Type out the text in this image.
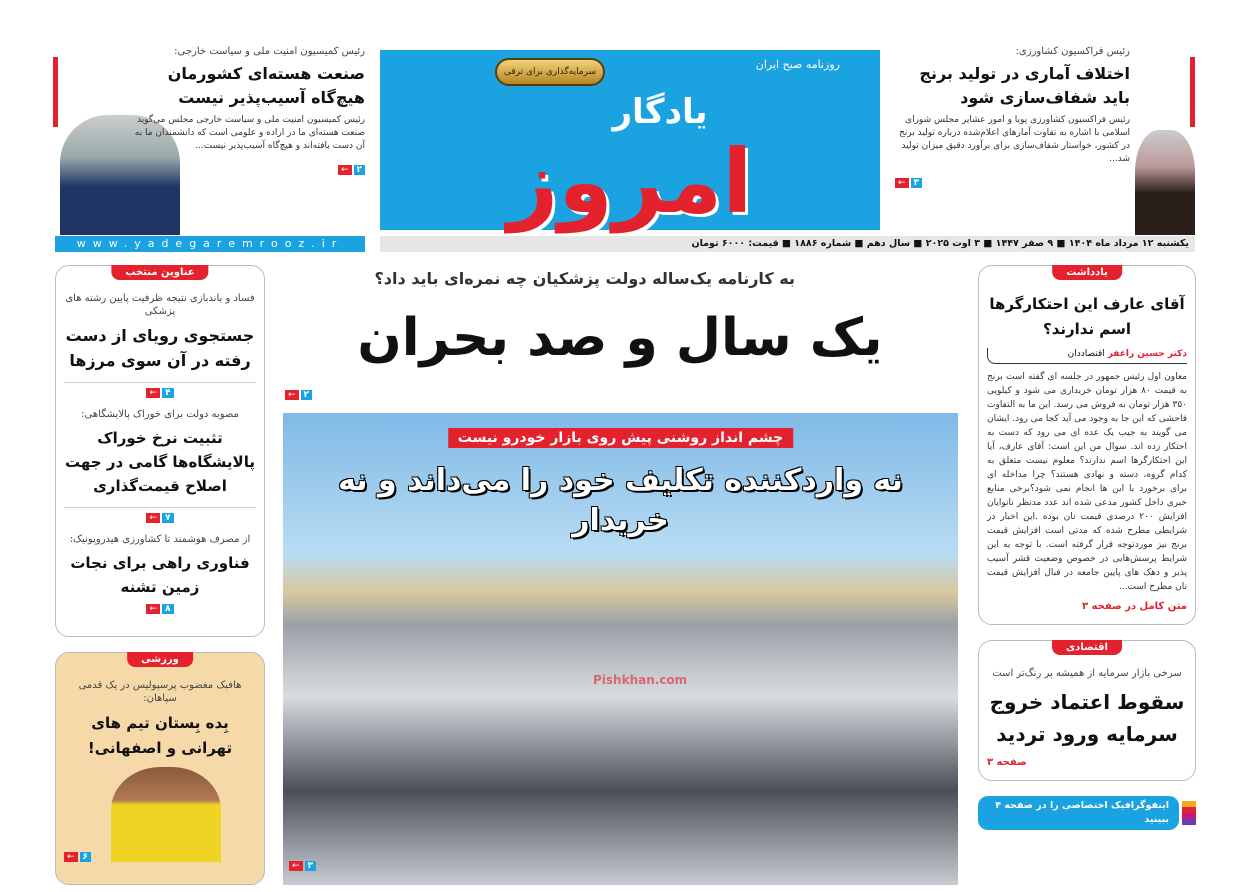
رئیس کمیسیون امنیت ملی و سیاست خارجی:
صنعت هسته‌ای کشورمان هیچ‌گاه آسیب‌پذیر نیست
رئیس کمیسیون امنیت ملی و سیاست خارجی مجلس می‌گوید صنعت هسته‌ای ما در اراده و علومی است که دانشمندان ما به آن دست یافته‌اند و هیچ‌گاه آسیب‌پذیر نیست...
← ۲
www.yadegaremrooz.ir
روزنامه صبح ایران
سرمایه‌گذاری برای ترقی
یادگار
امروز
یکشنبه ۱۲ مرداد ماه ۱۴۰۴ ■ ۹ صفر ۱۴۴۷ ■ ۳ اوت ۲۰۲۵ ■ سال دهم ■ شماره ۱۸۸۶ ■ قیمت: ۶۰۰۰ تومان
رئیس فراکسیون کشاورزی:
اختلاف آماری در تولید برنج باید شفاف‌سازی شود
رئیس فراکسیون کشاورزی پویا و امور عشایر مجلس شورای اسلامی با اشاره به تفاوت آمارهای اعلام‌شده درباره تولید برنج در کشور، خواستار شفاف‌سازی برای برآورد دقیق میزان تولید شد...
← ۳
عناوین منتخب
فساد و باندبازی نتیجه ظرفیت پایین رشته های پزشکی
جستجوی رویای از دست رفته در آن سوی مرزها
← ۴
مصوبه دولت برای خوراک پالایشگاهی:
تثبیت نرخ خوراک پالایشگاه‌ها گامی در جهت اصلاح قیمت‌گذاری
← ۷
از مصرف هوشمند تا کشاورزی هیدروپونیک:
فناوری راهی برای نجات زمین تشنه
← ۸
ورزشی
هافبک مغضوب پرسپولیس در یک قدمی سپاهان:
بِده بِستان تیم های تهرانی و اصفهانی!
← ۶
به کارنامه یک‌ساله دولت پزشکیان چه نمره‌ای باید داد؟
یک سال و صد بحران
← ۲
چشم انداز روشنی پیش روی بازار خودرو نیست
نه واردکننده تکلیف خود را می‌داند و نه خریدار
Pishkhan.com
← ۳
یادداشت
آقای عارف این احتکارگرها اسم ندارند؟
دکتر حسین راغفر اقتصاددان
معاون اول رئیس جمهور در جلسه ای گفته است برنج به قیمت ۸۰ هزار تومان خریداری می شود و کیلویی ۳۵۰ هزار تومان به فروش می رسد. این ما به التفاوت فاحشی که این جا به وجود می آید کجا می رود. ایشان می گویند به جیب یک عده ای می رود که دست به احتکار زده اند. سوال من این است: آقای عارف، آیا این احتکارگرها اسم ندارند؟ معلوم نیست متعلق به کدام گروه، دسته و نهادی هستند؟ چرا مداخله ای برای برخورد با این ها انجام نمی شود؟برخی منابع خبری داخل کشور مدعی شده اند عدد مدنظر نانوایان افزایش ۲۰۰ درصدی قیمت نان بوده .این اخبار در شرایطی مطرح شده که مدتی است افزایش قیمت برنج نیز موردتوجه قرار گرفته است. با توجه به این شرایط پرسش‌هایی در خصوص وضعیت قشر آسیب پذیر و دهک های پایین جامعه در قبال افزایش قیمت نان مطرح است...
متن کامل در صفحه ۳
اقتصادی
سرخی بازار سرمایه از همیشه پر رنگ‌تر است
سقوط اعتماد خروج سرمایه ورود تردید
صفحه ۳
اینفوگرافیک اختصاصی را در صفحه ۴ ببینید
